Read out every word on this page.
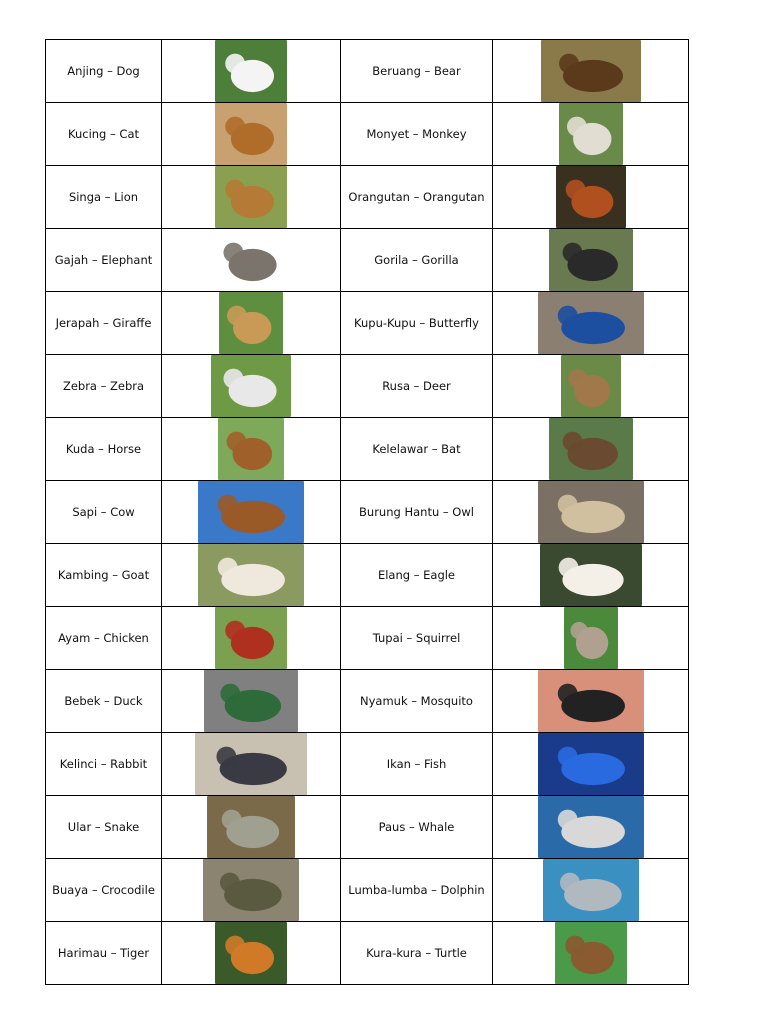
Anjing – Dog		Beruang – Bear	
Kucing – Cat		Monyet – Monkey	
Singa – Lion		Orangutan – Orangutan	
Gajah – Elephant		Gorila – Gorilla	
Jerapah – Giraffe		Kupu-Kupu – Butterfly	
Zebra – Zebra		Rusa – Deer	
Kuda – Horse		Kelelawar – Bat	
Sapi – Cow		Burung Hantu – Owl	
Kambing – Goat		Elang – Eagle	
Ayam – Chicken		Tupai – Squirrel	
Bebek – Duck		Nyamuk – Mosquito	
Kelinci – Rabbit		Ikan – Fish	
Ular – Snake		Paus – Whale	
Buaya – Crocodile		Lumba-lumba – Dolphin	
Harimau – Tiger		Kura-kura – Turtle	
